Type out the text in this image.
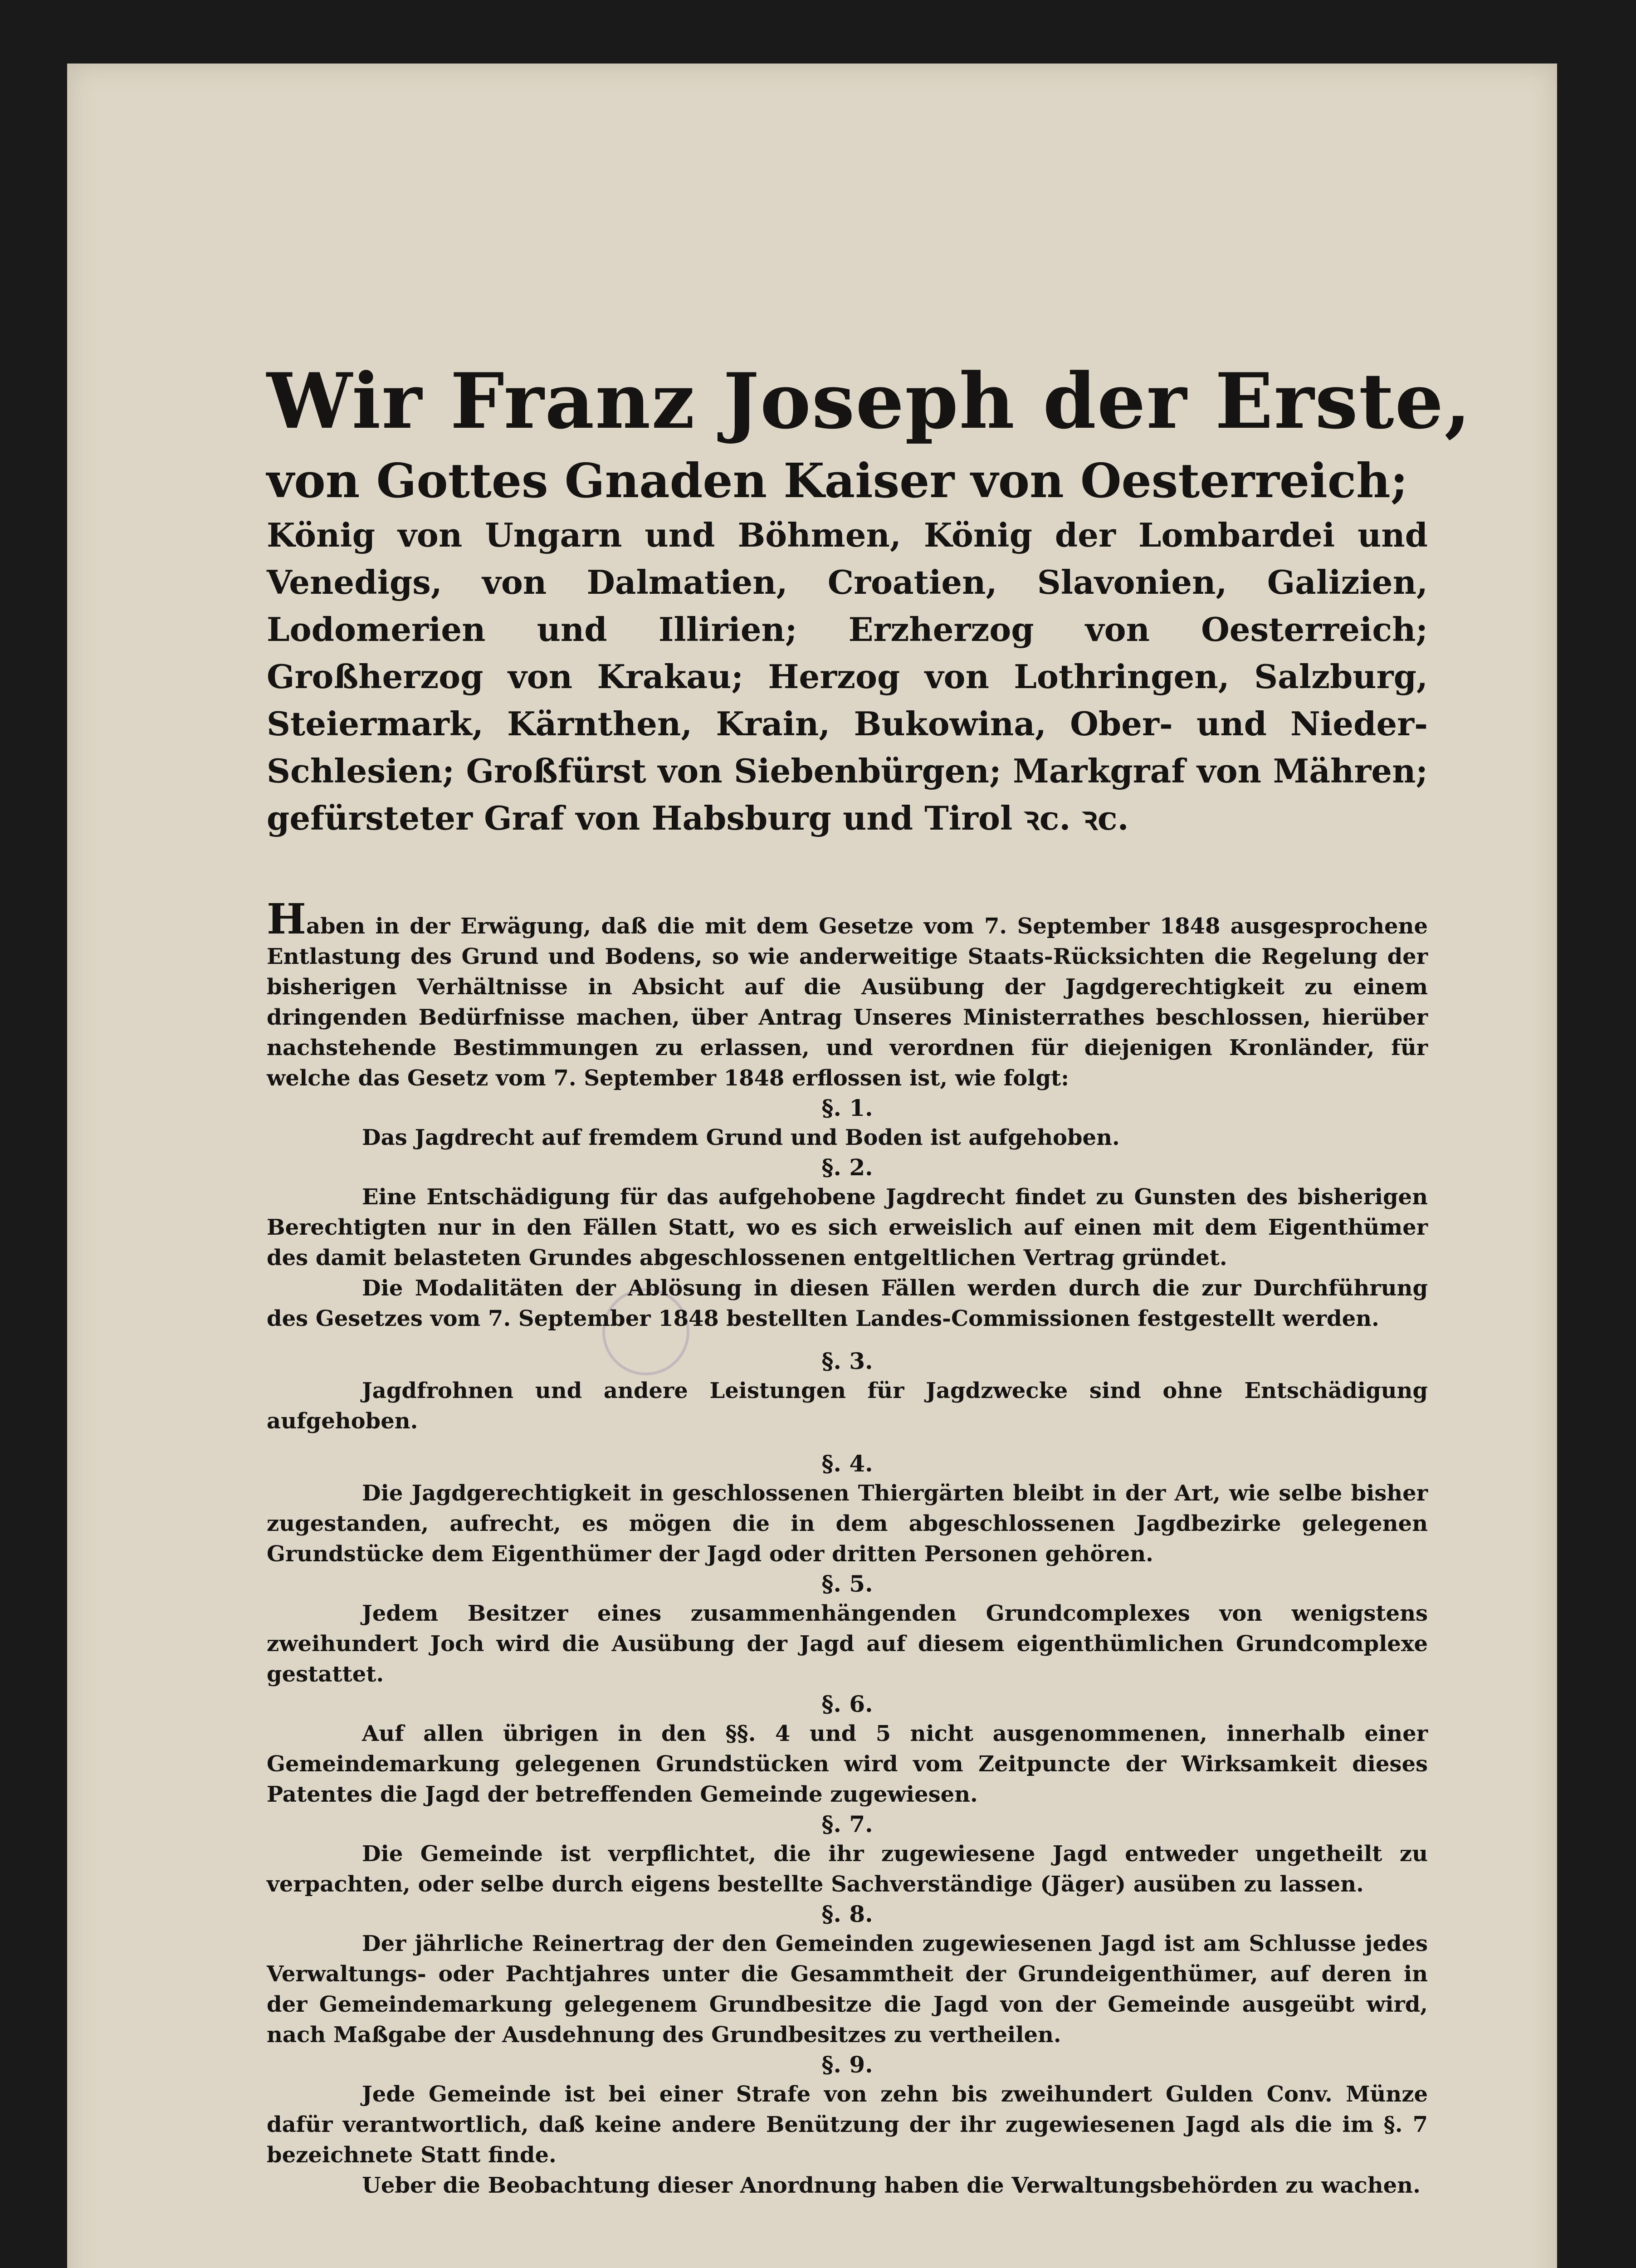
Wir Franz Joseph der Erste,
von Gottes Gnaden Kaiser von Oesterreich;

König von Ungarn und Böhmen, König der Lombardei und Venedigs, von Dalmatien, Croatien, Slavonien, Galizien, Lodomerien und Illirien; Erzherzog von Oesterreich; Großherzog von Krakau; Herzog von Lothringen, Salzburg, Steiermark, Kärnthen, Krain, Bukowina, Ober- und Nieder-Schlesien; Großfürst von Siebenbürgen; Markgraf von Mähren; gefürsteter Graf von Habsburg und Tirol ꝛc. ꝛc.

Haben in der Erwägung, daß die mit dem Gesetze vom 7. September 1848 ausgesprochene Entlastung des Grund und Bodens, so wie anderweitige Staats-Rücksichten die Regelung der bisherigen Verhältnisse in Absicht auf die Ausübung der Jagdgerechtigkeit zu einem dringenden Bedürfnisse machen, über Antrag Unseres Ministerrathes beschlossen, hierüber nachstehende Bestimmungen zu erlassen, und verordnen für diejenigen Kronländer, für welche das Gesetz vom 7. September 1848 erflossen ist, wie folgt:

§. 1.

Das Jagdrecht auf fremdem Grund und Boden ist aufgehoben.

§. 2.

Eine Entschädigung für das aufgehobene Jagdrecht findet zu Gunsten des bisherigen Berechtigten nur in den Fällen Statt, wo es sich erweislich auf einen mit dem Eigenthümer des damit belasteten Grundes abgeschlossenen entgeltlichen Vertrag gründet.

Die Modalitäten der Ablösung in diesen Fällen werden durch die zur Durchführung des Gesetzes vom 7. September 1848 bestellten Landes-Commissionen festgestellt werden.

§. 3.

Jagdfrohnen und andere Leistungen für Jagdzwecke sind ohne Entschädigung aufgehoben.

§. 4.

Die Jagdgerechtigkeit in geschlossenen Thiergärten bleibt in der Art, wie selbe bisher zugestanden, aufrecht, es mögen die in dem abgeschlossenen Jagdbezirke gelegenen Grundstücke dem Eigenthümer der Jagd oder dritten Personen gehören.

§. 5.

Jedem Besitzer eines zusammenhängenden Grundcomplexes von wenigstens zweihundert Joch wird die Ausübung der Jagd auf diesem eigenthümlichen Grundcomplexe gestattet.

§. 6.

Auf allen übrigen in den §§. 4 und 5 nicht ausgenommenen, innerhalb einer Gemeindemarkung gelegenen Grundstücken wird vom Zeitpuncte der Wirksamkeit dieses Patentes die Jagd der betreffenden Gemeinde zugewiesen.

§. 7.

Die Gemeinde ist verpflichtet, die ihr zugewiesene Jagd entweder ungetheilt zu verpachten, oder selbe durch eigens bestellte Sachverständige (Jäger) ausüben zu lassen.

§. 8.

Der jährliche Reinertrag der den Gemeinden zugewiesenen Jagd ist am Schlusse jedes Verwaltungs- oder Pachtjahres unter die Gesammtheit der Grundeigenthümer, auf deren in der Gemeindemarkung gelegenem Grundbesitze die Jagd von der Gemeinde ausgeübt wird, nach Maßgabe der Ausdehnung des Grundbesitzes zu vertheilen.

§. 9.

Jede Gemeinde ist bei einer Strafe von zehn bis zweihundert Gulden Conv. Münze dafür verantwortlich, daß keine andere Benützung der ihr zugewiesenen Jagd als die im §. 7 bezeichnete Statt finde.

Ueber die Beobachtung dieser Anordnung haben die Verwaltungsbehörden zu wachen.
